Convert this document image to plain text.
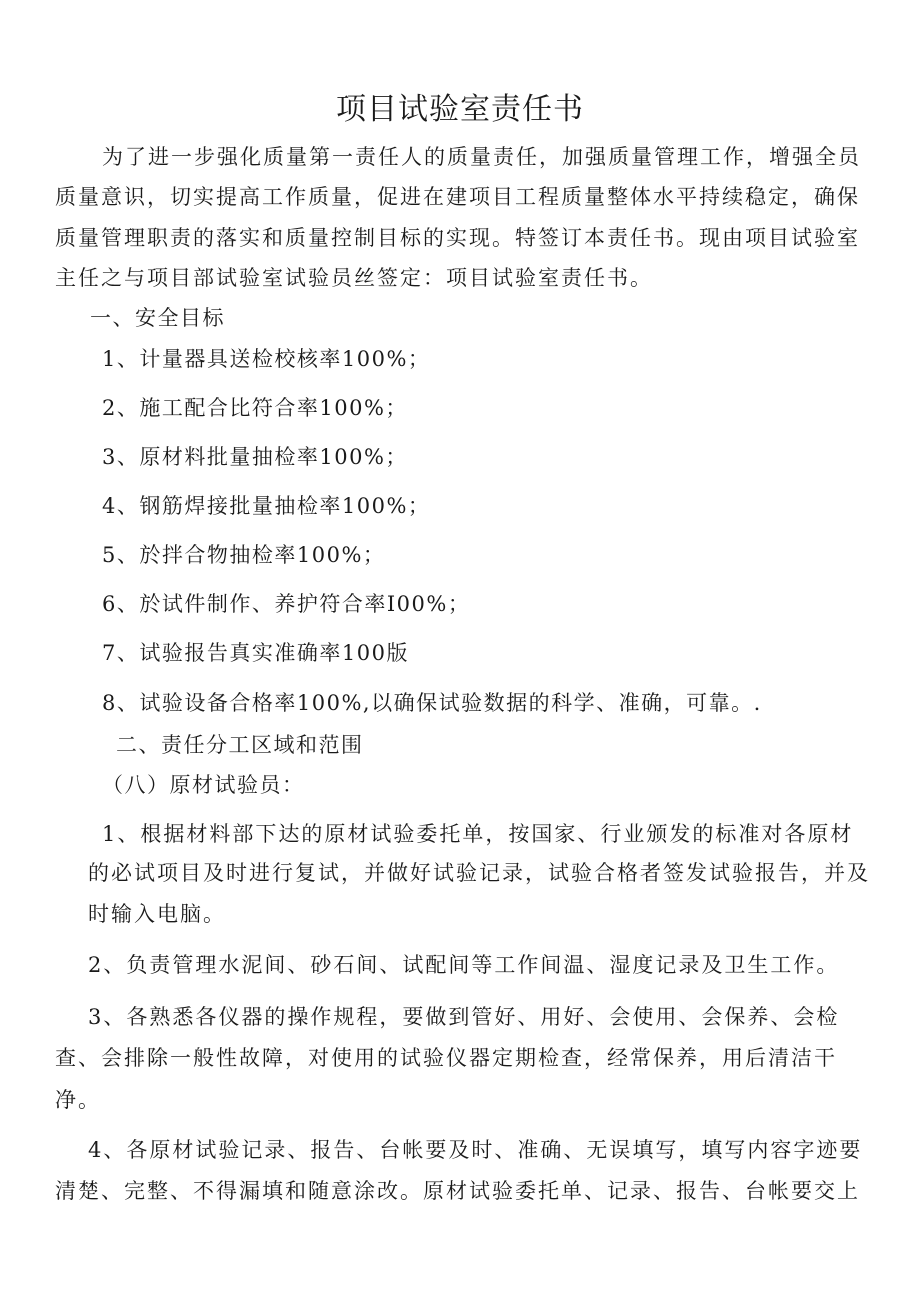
项目试验室责任书
为了进一步强化质量第一责任人的质量责任，加强质量管理工作，增强全员
质量意识，切实提高工作质量，促进在建项目工程质量整体水平持续稳定，确保
质量管理职责的落实和质量控制目标的实现。特签订本责任书。现由项目试验室
主任之与项目部试验室试验员丝签定：项目试验室责任书。
一、安全目标
1、计量器具送检校核率100%；
2、施工配合比符合率100%；
3、原材料批量抽检率100%；
4、钢筋焊接批量抽检率100%；
5、於拌合物抽检率100%；
6、於试件制作、养护符合率I00%；
7、试验报告真实准确率100版
8、试验设备合格率100%,以确保试验数据的科学、准确，可靠。.
二、责任分工区域和范围
（八）原材试验员：
1、根据材料部下达的原材试验委托单，按国家、行业颁发的标准对各原材
的必试项目及时进行复试，并做好试验记录，试验合格者签发试验报告，并及
时输入电脑。
2、负责管理水泥间、砂石间、试配间等工作间温、湿度记录及卫生工作。
3、各熟悉各仪器的操作规程，要做到管好、用好、会使用、会保养、会检
查、会排除一般性故障，对使用的试验仪器定期检查，经常保养，用后清洁干
净。
4、各原材试验记录、报告、台帐要及时、准确、无误填写，填写内容字迹要
清楚、完整、不得漏填和随意涂改。原材试验委托单、记录、报告、台帐要交上
